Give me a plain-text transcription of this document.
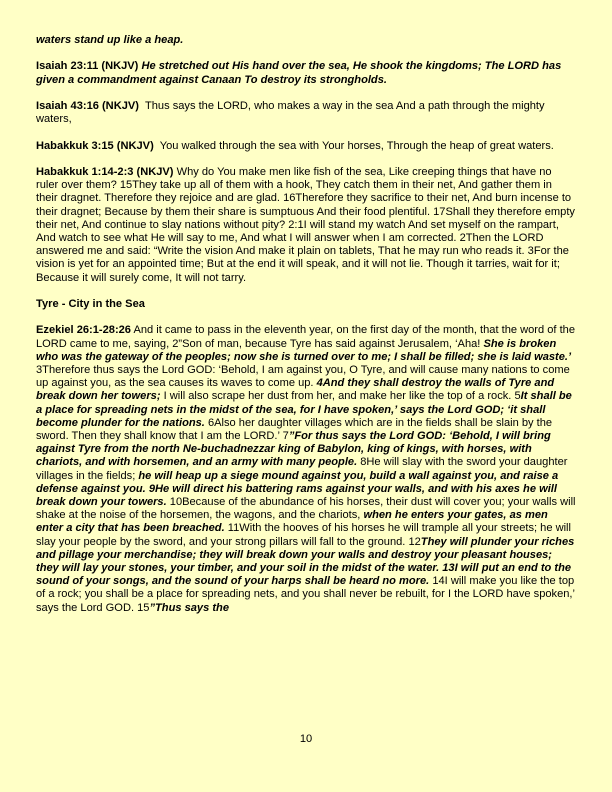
waters stand up like a heap.

Isaiah 23:11 (NKJV) He stretched out His hand over the sea, He shook the kingdoms; The LORD has given a commandment against Canaan To destroy its strongholds.

Isaiah 43:16 (NKJV) Thus says the LORD, who makes a way in the sea And a path through the mighty waters,

Habakkuk 3:15 (NKJV) You walked through the sea with Your horses, Through the heap of great waters.

Habakkuk 1:14-2:3 (NKJV) Why do You make men like fish of the sea, Like creeping things that have no ruler over them? 15They take up all of them with a hook, They catch them in their net, And gather them in their dragnet. Therefore they rejoice and are glad. 16Therefore they sacrifice to their net, And burn incense to their dragnet; Because by them their share is sumptuous And their food plentiful. 17Shall they therefore empty their net, And continue to slay nations without pity? 2:1I will stand my watch And set myself on the rampart, And watch to see what He will say to me, And what I will answer when I am corrected. 2Then the LORD answered me and said: “Write the vision And make it plain on tablets, That he may run who reads it. 3For the vision is yet for an appointed time; But at the end it will speak, and it will not lie. Though it tarries, wait for it; Because it will surely come, It will not tarry.

Tyre - City in the Sea

Ezekiel 26:1-28:26 And it came to pass in the eleventh year, on the first day of the month, that the word of the LORD came to me, saying, 2”Son of man, because Tyre has said against Jerusalem, ‘Aha! She is broken who was the gateway of the peoples; now she is turned over to me; I shall be filled; she is laid waste.’ 3Therefore thus says the Lord GOD: ‘Behold, I am against you, O Tyre, and will cause many nations to come up against you, as the sea causes its waves to come up. 4And they shall destroy the walls of Tyre and break down her towers; I will also scrape her dust from her, and make her like the top of a rock. 5It shall be a place for spreading nets in the midst of the sea, for I have spoken,’ says the Lord GOD; ‘it shall become plunder for the nations. 6Also her daughter villages which are in the fields shall be slain by the sword. Then they shall know that I am the LORD.’ 7”For thus says the Lord GOD: ‘Behold, I will bring against Tyre from the north Ne-buchadnezzar king of Babylon, king of kings, with horses, with chariots, and with horsemen, and an army with many people. 8He will slay with the sword your daughter villages in the fields; he will heap up a siege mound against you, build a wall against you, and raise a defense against you. 9He will direct his battering rams against your walls, and with his axes he will break down your towers. 10Because of the abundance of his horses, their dust will cover you; your walls will shake at the noise of the horsemen, the wagons, and the chariots, when he enters your gates, as men enter a city that has been breached. 11With the hooves of his horses he will trample all your streets; he will slay your people by the sword, and your strong pillars will fall to the ground. 12They will plunder your riches and pillage your merchandise; they will break down your walls and destroy your pleasant houses; they will lay your stones, your timber, and your soil in the midst of the water. 13I will put an end to the sound of your songs, and the sound of your harps shall be heard no more. 14I will make you like the top of a rock; you shall be a place for spreading nets, and you shall never be rebuilt, for I the LORD have spoken,’ says the Lord GOD. 15”Thus says the

10
